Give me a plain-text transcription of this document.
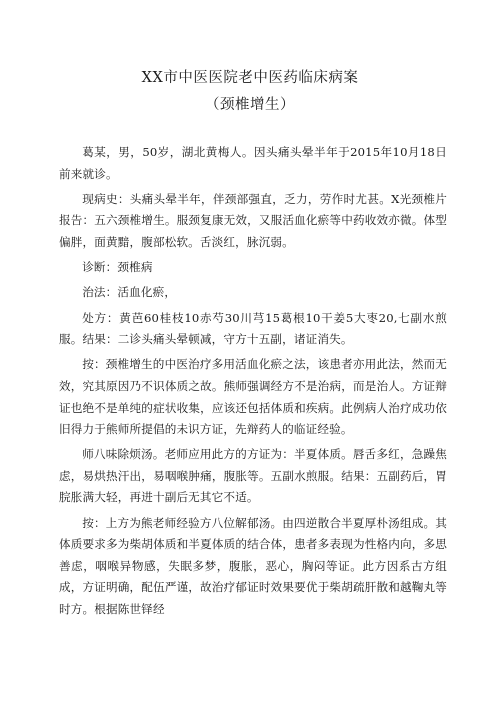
XX市中医医院老中医药临床病案
（颈椎增生）

葛某，男，50岁，湖北黄梅人。因头痛头晕半年于2015年10月18日前来就诊。

现病史：头痛头晕半年，伴颈部强直，乏力，劳作时尤甚。X光颈椎片报告：五六颈椎增生。服颈复康无效，又服活血化瘀等中药收效亦微。体型偏胖，面黄黯，腹部松软。舌淡红，脉沉弱。

诊断：颈椎病

治法：活血化瘀，

处方：黄芭60桂枝10赤芍30川芎15葛根10干姜5大枣20,七副水煎服。结果：二诊头痛头晕顿减，守方十五副，诸证消失。

按：颈椎增生的中医治疗多用活血化瘀之法，该患者亦用此法，然而无效，究其原因乃不识体质之故。熊师强调经方不是治病，而是治人。方证辩证也绝不是单纯的症状收集，应该还包括体质和疾病。此例病人治疗成功依旧得力于熊师所提倡的未识方证，先辩药人的临证经验。

师八味除烦汤。老师应用此方的方证为：半夏体质。唇舌多红，急躁焦虑，易烘热汗出，易咽喉肿痛，腹胀等。五副水煎服。结果：五副药后，胃脘胀满大轻，再进十副后无其它不适。

按：上方为熊老师经验方八位解郁汤。由四逆散合半夏厚朴汤组成。其体质要求多为柴胡体质和半夏体质的结合体，患者多表现为性格内向，多思善虑，咽喉异物感，失眠多梦，腹胀，恶心，胸闷等证。此方因系古方组成，方证明确，配伍严谨，故治疗郁证时效果要优于柴胡疏肝散和越鞠丸等时方。根据陈世铎经
